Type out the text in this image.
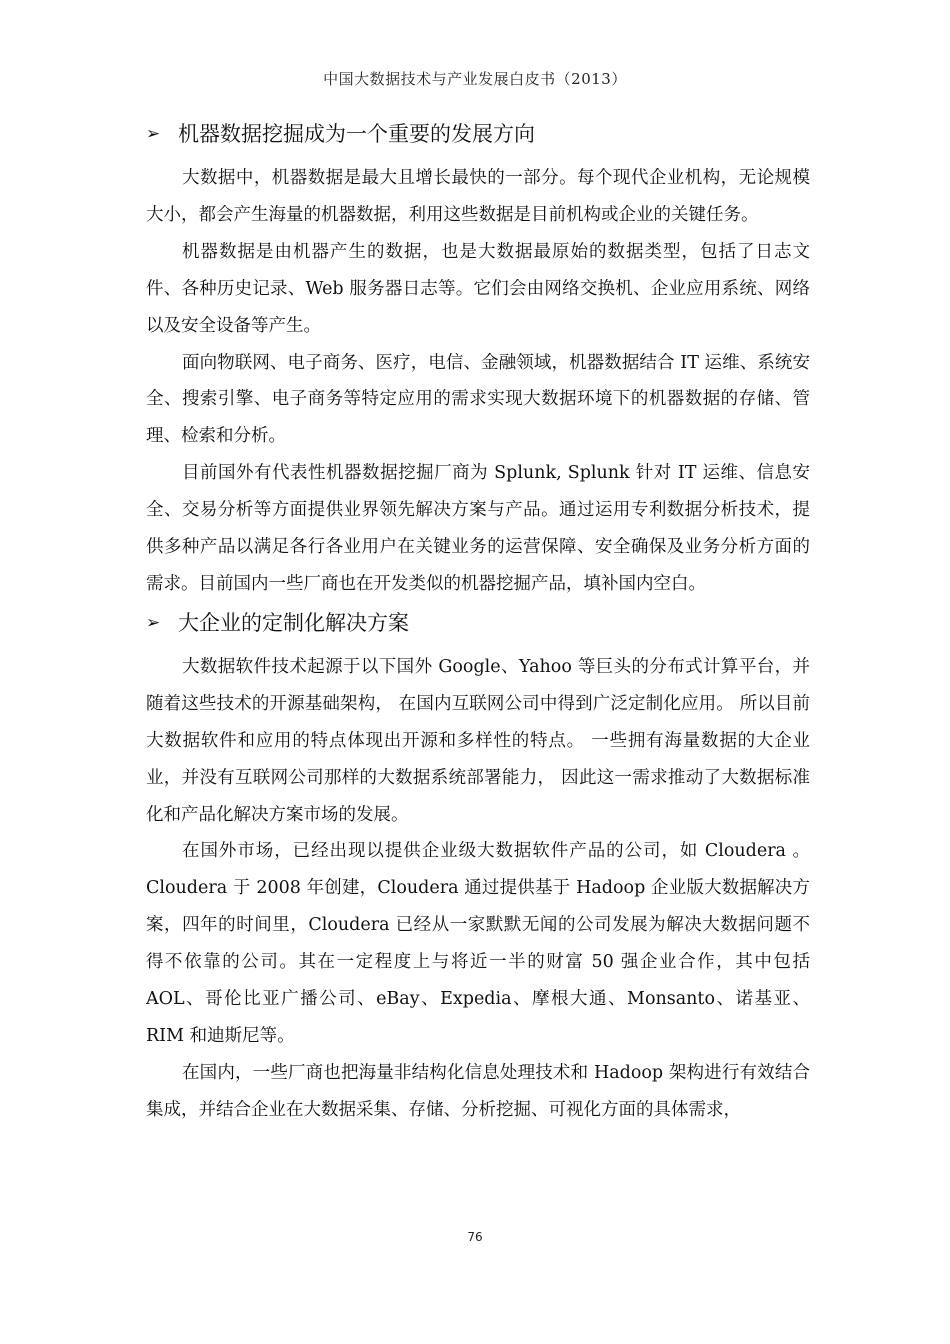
中国大数据技术与产业发展白皮书（2013）
➢ 机器数据挖掘成为一个重要的发展方向

大数据中，机器数据是最大且增长最快的一部分。每个现代企业机构，无论规模大小，都会产生海量的机器数据，利用这些数据是目前机构或企业的关键任务。

机器数据是由机器产生的数据，也是大数据最原始的数据类型，包括了日志文件、各种历史记录、Web 服务器日志等。它们会由网络交换机、企业应用系统、网络以及安全设备等产生。

面向物联网、电子商务、医疗，电信、金融领域，机器数据结合 IT 运维、系统安全、搜索引擎、电子商务等特定应用的需求实现大数据环境下的机器数据的存储、管理、检索和分析。

目前国外有代表性机器数据挖掘厂商为 Splunk, Splunk 针对 IT 运维、信息安全、交易分析等方面提供业界领先解决方案与产品。通过运用专利数据分析技术，提供多种产品以满足各行各业用户在关键业务的运营保障、安全确保及业务分析方面的需求。目前国内一些厂商也在开发类似的机器挖掘产品，填补国内空白。

➢ 大企业的定制化解决方案

大数据软件技术起源于以下国外 Google、Yahoo 等巨头的分布式计算平台，并随着这些技术的开源基础架构， 在国内互联网公司中得到广泛定制化应用。 所以目前大数据软件和应用的特点体现出开源和多样性的特点。 一些拥有海量数据的大企业业，并没有互联网公司那样的大数据系统部署能力， 因此这一需求推动了大数据标准化和产品化解决方案市场的发展。

在国外市场，已经出现以提供企业级大数据软件产品的公司，如 Cloudera 。Cloudera 于 2008 年创建，Cloudera 通过提供基于 Hadoop 企业版大数据解决方案，四年的时间里，Cloudera 已经从一家默默无闻的公司发展为解决大数据问题不得不依靠的公司。其在一定程度上与将近一半的财富 50 强企业合作，其中包括 AOL、哥伦比亚广播公司、eBay、Expedia、摩根大通、Monsanto、诺基亚、RIM 和迪斯尼等。

在国内，一些厂商也把海量非结构化信息处理技术和 Hadoop 架构进行有效结合集成，并结合企业在大数据采集、存储、分析挖掘、可视化方面的具体需求，

76
